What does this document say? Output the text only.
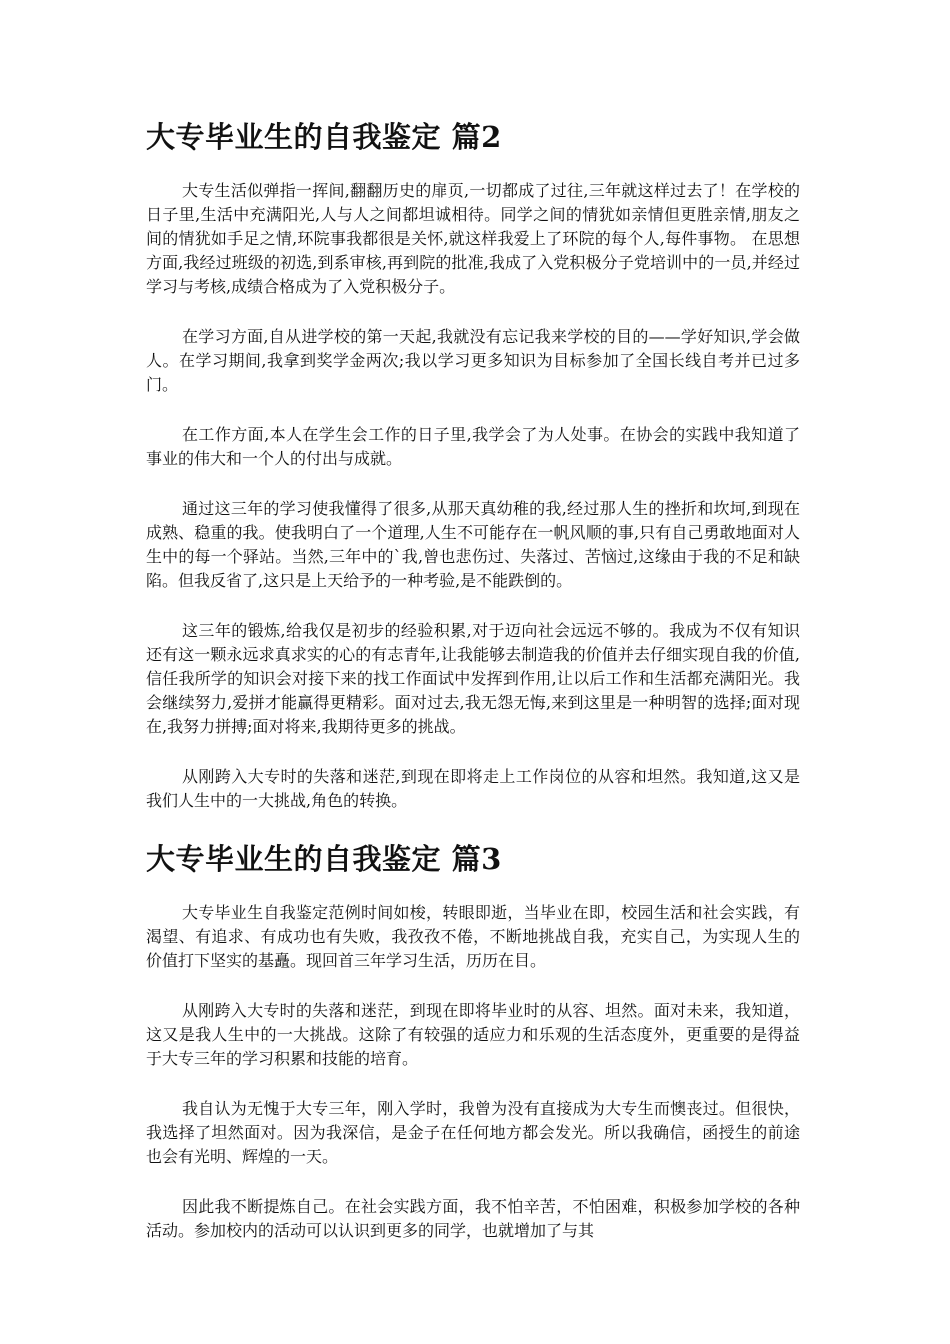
大专毕业生的自我鉴定 篇2

大专生活似弹指一挥间,翻翻历史的扉页,一切都成了过往,三年就这样过去了！在学校的日子里,生活中充满阳光,人与人之间都坦诚相待。同学之间的情犹如亲情但更胜亲情,朋友之间的情犹如手足之情,环院事我都很是关怀,就这样我爱上了环院的每个人,每件事物。 在思想方面,我经过班级的初选,到系审核,再到院的批准,我成了入党积极分子党培训中的一员,并经过学习与考核,成绩合格成为了入党积极分子。

在学习方面,自从进学校的第一天起,我就没有忘记我来学校的目的——学好知识,学会做人。在学习期间,我拿到奖学金两次;我以学习更多知识为目标参加了全国长线自考并已过多门。

在工作方面,本人在学生会工作的日子里,我学会了为人处事。在协会的实践中我知道了事业的伟大和一个人的付出与成就。

通过这三年的学习使我懂得了很多,从那天真幼稚的我,经过那人生的挫折和坎坷,到现在成熟、稳重的我。使我明白了一个道理,人生不可能存在一帆风顺的事,只有自己勇敢地面对人生中的每一个驿站。当然,三年中的`我,曾也悲伤过、失落过、苦恼过,这缘由于我的不足和缺陷。但我反省了,这只是上天给予的一种考验,是不能跌倒的。

这三年的锻炼,给我仅是初步的经验积累,对于迈向社会远远不够的。我成为不仅有知识还有这一颗永远求真求实的心的有志青年,让我能够去制造我的价值并去仔细实现自我的价值,信任我所学的知识会对接下来的找工作面试中发挥到作用,让以后工作和生活都充满阳光。我会继续努力,爱拼才能赢得更精彩。面对过去,我无怨无悔,来到这里是一种明智的选择;面对现在,我努力拼搏;面对将来,我期待更多的挑战。

从刚跨入大专时的失落和迷茫,到现在即将走上工作岗位的从容和坦然。我知道,这又是我们人生中的一大挑战,角色的转换。

大专毕业生的自我鉴定 篇3

大专毕业生自我鉴定范例时间如梭，转眼即逝，当毕业在即，校园生活和社会实践，有渴望、有追求、有成功也有失败，我孜孜不倦，不断地挑战自我，充实自己，为实现人生的价值打下坚实的基矗。现回首三年学习生活，历历在目。

从刚跨入大专时的失落和迷茫，到现在即将毕业时的从容、坦然。面对未来，我知道，这又是我人生中的一大挑战。这除了有较强的适应力和乐观的生活态度外，更重要的是得益于大专三年的学习积累和技能的培育。

我自认为无愧于大专三年，刚入学时，我曾为没有直接成为大专生而懊丧过。但很快，我选择了坦然面对。因为我深信，是金子在任何地方都会发光。所以我确信，函授生的前途也会有光明、辉煌的一天。

因此我不断提炼自己。在社会实践方面，我不怕辛苦，不怕困难，积极参加学校的各种活动。参加校内的活动可以认识到更多的同学，也就增加了与其
